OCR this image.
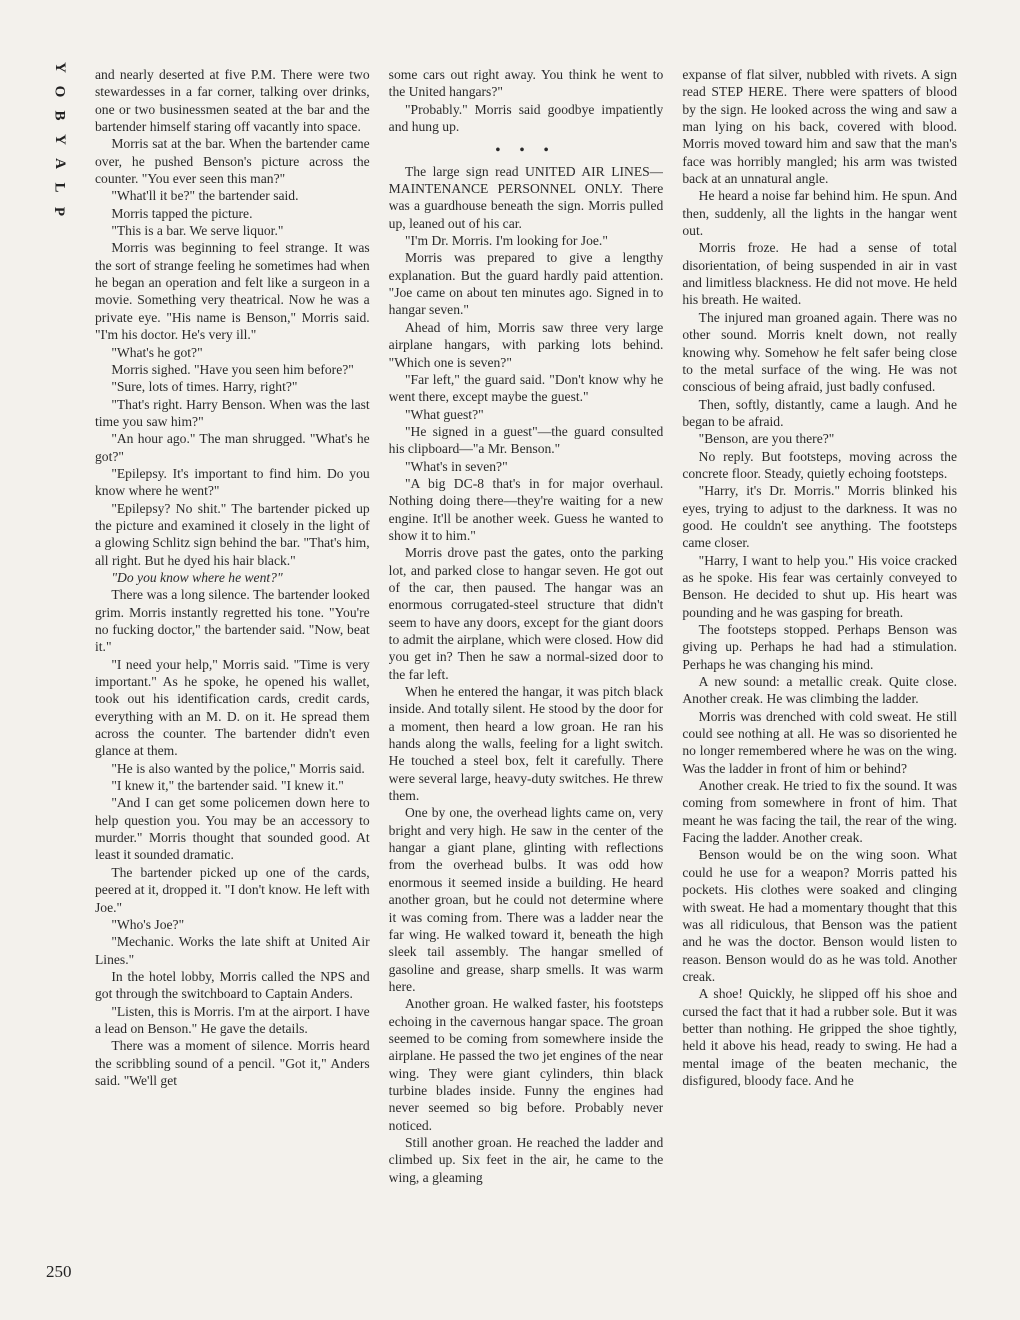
Y
O
B
Y
A
L
P
250

and nearly deserted at five P.M. There were two stewardesses in a far corner, talking over drinks, one or two businessmen seated at the bar and the bartender himself staring off vacantly into space.

Morris sat at the bar. When the bartender came over, he pushed Benson's picture across the counter. "You ever seen this man?"

"What'll it be?" the bartender said.

Morris tapped the picture.

"This is a bar. We serve liquor."

Morris was beginning to feel strange. It was the sort of strange feeling he sometimes had when he began an operation and felt like a surgeon in a movie. Something very theatrical. Now he was a private eye. "His name is Benson," Morris said. "I'm his doctor. He's very ill."

"What's he got?"

Morris sighed. "Have you seen him before?"

"Sure, lots of times. Harry, right?"

"That's right. Harry Benson. When was the last time you saw him?"

"An hour ago." The man shrugged. "What's he got?"

"Epilepsy. It's important to find him. Do you know where he went?"

"Epilepsy? No shit." The bartender picked up the picture and examined it closely in the light of a glowing Schlitz sign behind the bar. "That's him, all right. But he dyed his hair black."

"Do you know where he went?"

There was a long silence. The bartender looked grim. Morris instantly regretted his tone. "You're no fucking doctor," the bartender said. "Now, beat it."

"I need your help," Morris said. "Time is very important." As he spoke, he opened his wallet, took out his identification cards, credit cards, everything with an M. D. on it. He spread them across the counter. The bartender didn't even glance at them.

"He is also wanted by the police," Morris said.

"I knew it," the bartender said. "I knew it."

"And I can get some policemen down here to help question you. You may be an accessory to murder." Morris thought that sounded good. At least it sounded dramatic.

The bartender picked up one of the cards, peered at it, dropped it. "I don't know. He left with Joe."

"Who's Joe?"

"Mechanic. Works the late shift at United Air Lines."

In the hotel lobby, Morris called the NPS and got through the switchboard to Captain Anders.

"Listen, this is Morris. I'm at the airport. I have a lead on Benson." He gave the details.

There was a moment of silence. Morris heard the scribbling sound of a pencil. "Got it," Anders said. "We'll get

some cars out right away. You think he went to the United hangars?"

"Probably." Morris said goodbye impatiently and hung up.

• • •

The large sign read UNITED AIR LINES—MAINTENANCE PERSONNEL ONLY. There was a guardhouse beneath the sign. Morris pulled up, leaned out of his car.

"I'm Dr. Morris. I'm looking for Joe."

Morris was prepared to give a lengthy explanation. But the guard hardly paid attention. "Joe came on about ten minutes ago. Signed in to hangar seven."

Ahead of him, Morris saw three very large airplane hangars, with parking lots behind. "Which one is seven?"

"Far left," the guard said. "Don't know why he went there, except maybe the guest."

"What guest?"

"He signed in a guest"—the guard consulted his clipboard—"a Mr. Benson."

"What's in seven?"

"A big DC-8 that's in for major overhaul. Nothing doing there—they're waiting for a new engine. It'll be another week. Guess he wanted to show it to him."

Morris drove past the gates, onto the parking lot, and parked close to hangar seven. He got out of the car, then paused. The hangar was an enormous corrugated-steel structure that didn't seem to have any doors, except for the giant doors to admit the airplane, which were closed. How did you get in? Then he saw a normal-sized door to the far left.

When he entered the hangar, it was pitch black inside. And totally silent. He stood by the door for a moment, then heard a low groan. He ran his hands along the walls, feeling for a light switch. He touched a steel box, felt it carefully. There were several large, heavy-duty switches. He threw them.

One by one, the overhead lights came on, very bright and very high. He saw in the center of the hangar a giant plane, glinting with reflections from the overhead bulbs. It was odd how enormous it seemed inside a building. He heard another groan, but he could not determine where it was coming from. There was a ladder near the far wing. He walked toward it, beneath the high sleek tail assembly. The hangar smelled of gasoline and grease, sharp smells. It was warm here.

Another groan. He walked faster, his footsteps echoing in the cavernous hangar space. The groan seemed to be coming from somewhere inside the airplane. He passed the two jet engines of the near wing. They were giant cylinders, thin black turbine blades inside. Funny the engines had never seemed so big before. Probably never noticed.

Still another groan. He reached the ladder and climbed up. Six feet in the air, he came to the wing, a gleaming

expanse of flat silver, nubbled with rivets. A sign read STEP HERE. There were spatters of blood by the sign. He looked across the wing and saw a man lying on his back, covered with blood. Morris moved toward him and saw that the man's face was horribly mangled; his arm was twisted back at an unnatural angle.

He heard a noise far behind him. He spun. And then, suddenly, all the lights in the hangar went out.

Morris froze. He had a sense of total disorientation, of being suspended in air in vast and limitless blackness. He did not move. He held his breath. He waited.

The injured man groaned again. There was no other sound. Morris knelt down, not really knowing why. Somehow he felt safer being close to the metal surface of the wing. He was not conscious of being afraid, just badly confused.

Then, softly, distantly, came a laugh. And he began to be afraid.

"Benson, are you there?"

No reply. But footsteps, moving across the concrete floor. Steady, quietly echoing footsteps.

"Harry, it's Dr. Morris." Morris blinked his eyes, trying to adjust to the darkness. It was no good. He couldn't see anything. The footsteps came closer.

"Harry, I want to help you." His voice cracked as he spoke. His fear was certainly conveyed to Benson. He decided to shut up. His heart was pounding and he was gasping for breath.

The footsteps stopped. Perhaps Benson was giving up. Perhaps he had had a stimulation. Perhaps he was changing his mind.

A new sound: a metallic creak. Quite close. Another creak. He was climbing the ladder.

Morris was drenched with cold sweat. He still could see nothing at all. He was so disoriented he no longer remembered where he was on the wing. Was the ladder in front of him or behind?

Another creak. He tried to fix the sound. It was coming from somewhere in front of him. That meant he was facing the tail, the rear of the wing. Facing the ladder. Another creak.

Benson would be on the wing soon. What could he use for a weapon? Morris patted his pockets. His clothes were soaked and clinging with sweat. He had a momentary thought that this was all ridiculous, that Benson was the patient and he was the doctor. Benson would listen to reason. Benson would do as he was told. Another creak.

A shoe! Quickly, he slipped off his shoe and cursed the fact that it had a rubber sole. But it was better than nothing. He gripped the shoe tightly, held it above his head, ready to swing. He had a mental image of the beaten mechanic, the disfigured, bloody face. And he
